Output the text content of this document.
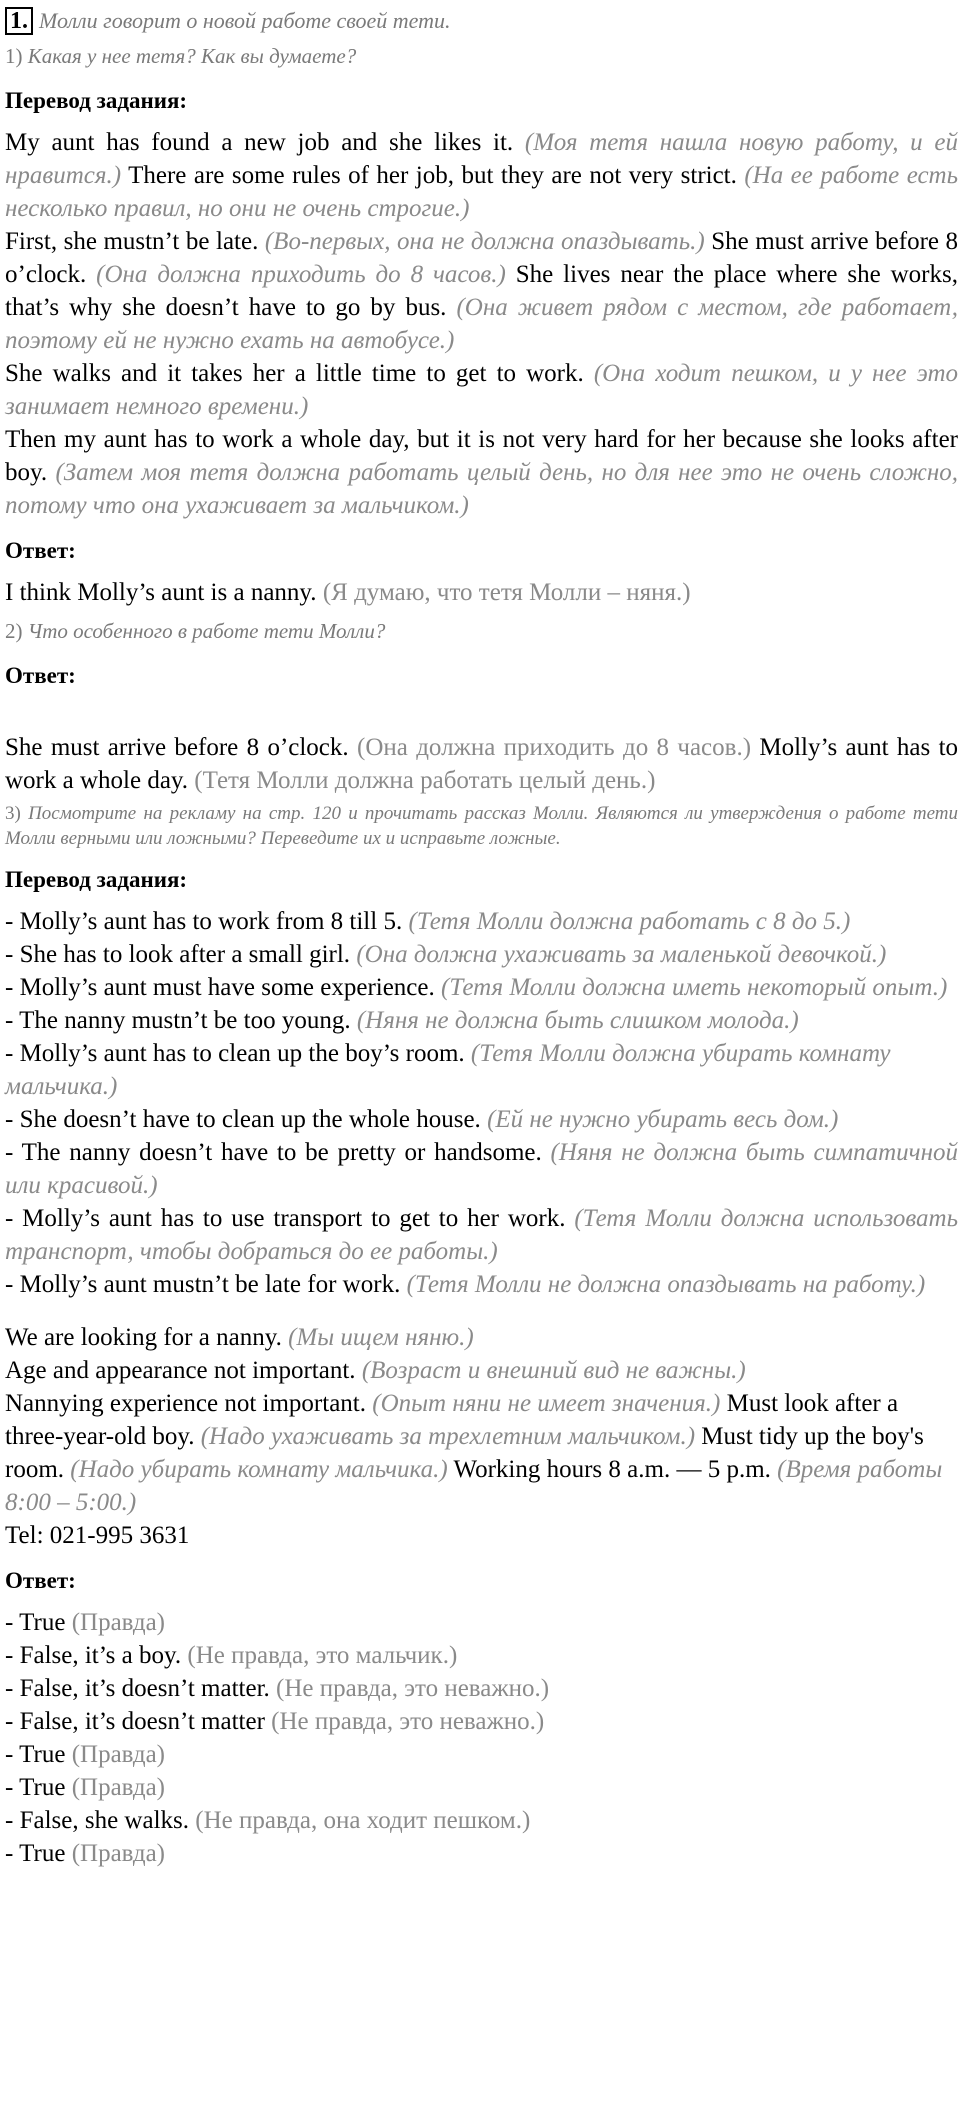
1. Молли говорит о новой работе своей тети.
1) Какая у нее тетя? Как вы думаете?
Перевод задания:

My aunt has found a new job and she likes it. (Моя тетя нашла новую работу, и ей нравится.) There are some rules of her job, but they are not very strict. (На ее работе есть несколько правил, но они не очень строгие.)

First, she mustn’t be late. (Во-первых, она не должна опаздывать.) She must arrive before 8 o’clock. (Она должна приходить до 8 часов.) She lives near the place where she works, that’s why she doesn’t have to go by bus. (Она живет рядом с местом, где работает, поэтому ей не нужно ехать на автобусе.)

She walks and it takes her a little time to get to work. (Она ходит пешком, и у нее это занимает немного времени.)

Then my aunt has to work a whole day, but it is not very hard for her because she looks after boy. (Затем моя тетя должна работать целый день, но для нее это не очень сложно, потому что она ухаживает за мальчиком.)

Ответ:

I think Molly’s aunt is a nanny. (Я думаю, что тетя Молли – няня.)

2) Что особенного в работе тети Молли?
Ответ:

She must arrive before 8 o’clock. (Она должна приходить до 8 часов.) Molly’s aunt has to work a whole day. (Тетя Молли должна работать целый день.)

3) Посмотрите на рекламу на стр. 120 и прочитать рассказ Молли. Являются ли утверждения о работе тети Молли верными или ложными? Переведите их и исправьте ложные.
Перевод задания:

- Molly’s aunt has to work from 8 till 5. (Тетя Молли должна работать с 8 до 5.)

- She has to look after a small girl. (Она должна ухаживать за маленькой девочкой.)

- Molly’s aunt must have some experience. (Тетя Молли должна иметь некоторый опыт.)

- The nanny mustn’t be too young. (Няня не должна быть слишком молода.)

- Molly’s aunt has to clean up the boy’s room. (Тетя Молли должна убирать комнату мальчика.)

- She doesn’t have to clean up the whole house. (Ей не нужно убирать весь дом.)

- The nanny doesn’t have to be pretty or handsome. (Няня не должна быть симпатичной или красивой.)

- Molly’s aunt has to use transport to get to her work. (Тетя Молли должна использовать транспорт, чтобы добраться до ее работы.)

- Molly’s aunt mustn’t be late for work. (Тетя Молли не должна опаздывать на работу.)

We are looking for a nanny. (Мы ищем няню.)

Age and appearance not important. (Возраст и внешний вид не важны.)

Nannying experience not important. (Опыт няни не имеет значения.) Must look after a three-year-old boy. (Надо ухаживать за трехлетним мальчиком.) Must tidy up the boy's room. (Надо убирать комнату мальчика.) Working hours 8 a.m. — 5 p.m. (Время работы 8:00 – 5:00.)

Tel: 021-995 3631

Ответ:

- True (Правда)

- False, it’s a boy. (Не правда, это мальчик.)

- False, it’s doesn’t matter. (Не правда, это неважно.)

- False, it’s doesn’t matter (Не правда, это неважно.)

- True (Правда)

- True (Правда)

- False, she walks. (Не правда, она ходит пешком.)

- True (Правда)
